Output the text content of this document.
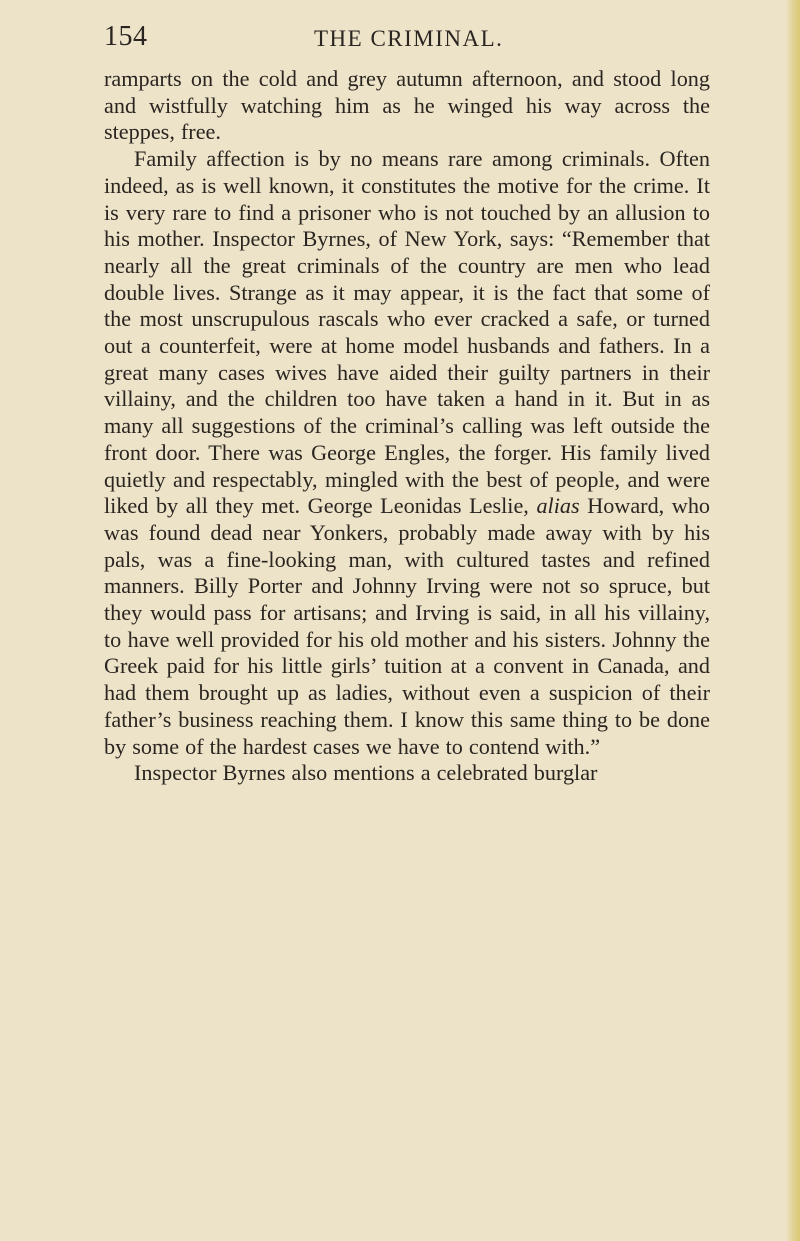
154	THE CRIMINAL.

ramparts on the cold and grey autumn afternoon, and stood long and wistfully watching him as he winged his way across the steppes, free.

Family affection is by no means rare among criminals. Often indeed, as is well known, it constitutes the motive for the crime. It is very rare to find a prisoner who is not touched by an allusion to his mother. Inspector Byrnes, of New York, says: “Remember that nearly all the great criminals of the country are men who lead double lives. Strange as it may appear, it is the fact that some of the most unscrupulous rascals who ever cracked a safe, or turned out a counterfeit, were at home model husbands and fathers. In a great many cases wives have aided their guilty partners in their villainy, and the children too have taken a hand in it. But in as many all suggestions of the criminal’s calling was left outside the front door. There was George Engles, the forger. His family lived quietly and respectably, mingled with the best of people, and were liked by all they met. George Leonidas Leslie, alias Howard, who was found dead near Yonkers, probably made away with by his pals, was a fine-looking man, with cultured tastes and refined manners. Billy Porter and Johnny Irving were not so spruce, but they would pass for artisans; and Irving is said, in all his villainy, to have well provided for his old mother and his sisters. Johnny the Greek paid for his little girls’ tuition at a convent in Canada, and had them brought up as ladies, without even a suspicion of their father’s business reaching them. I know this same thing to be done by some of the hardest cases we have to contend with.”

Inspector Byrnes also mentions a celebrated burglar
